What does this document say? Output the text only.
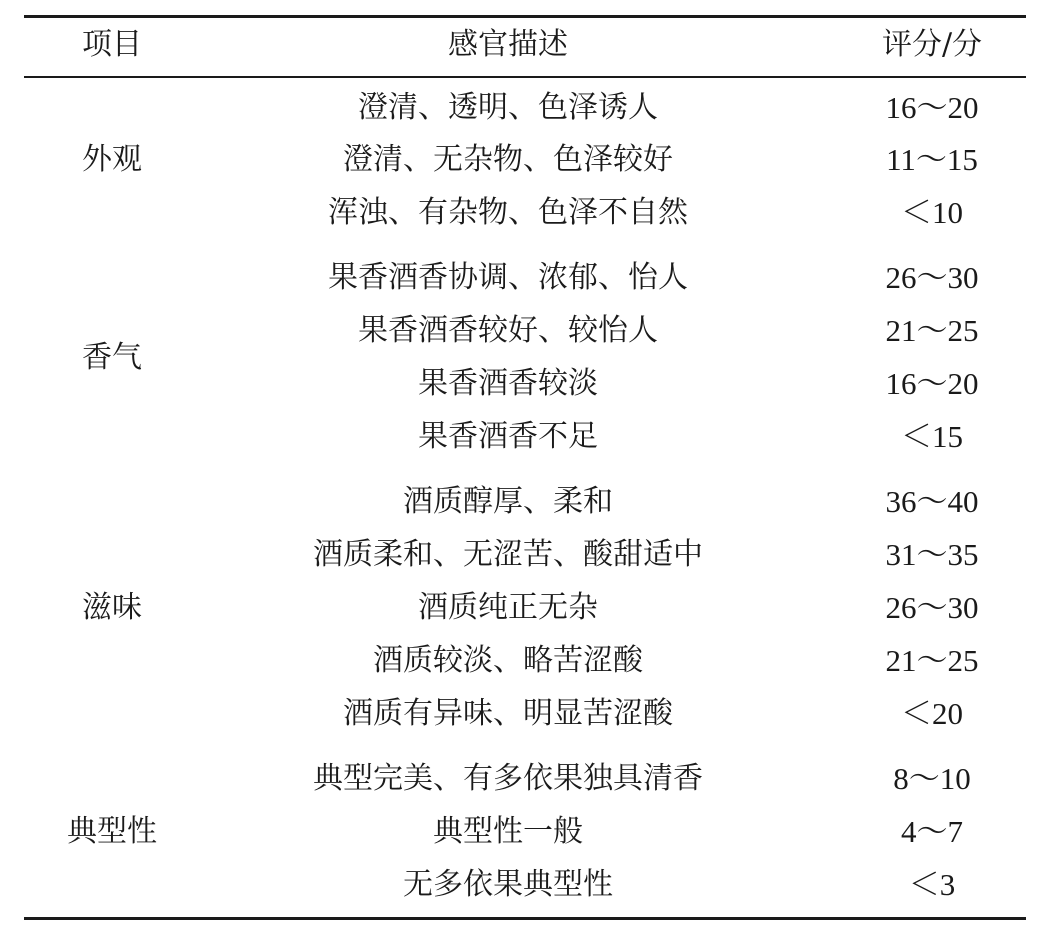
项目	感官描述	评分/分
外观
澄清、透明、色泽诱人	16～20
澄清、无杂物、色泽较好	11～15
浑浊、有杂物、色泽不自然	＜10
香气
果香酒香协调、浓郁、怡人	26～30
果香酒香较好、较怡人	21～25
果香酒香较淡	16～20
果香酒香不足	＜15
滋味
酒质醇厚、柔和	36～40
酒质柔和、无涩苦、酸甜适中	31～35
酒质纯正无杂	26～30
酒质较淡、略苦涩酸	21～25
酒质有异味、明显苦涩酸	＜20
典型性
典型完美、有多依果独具清香	8～10
典型性一般	4～7
无多依果典型性	＜3
